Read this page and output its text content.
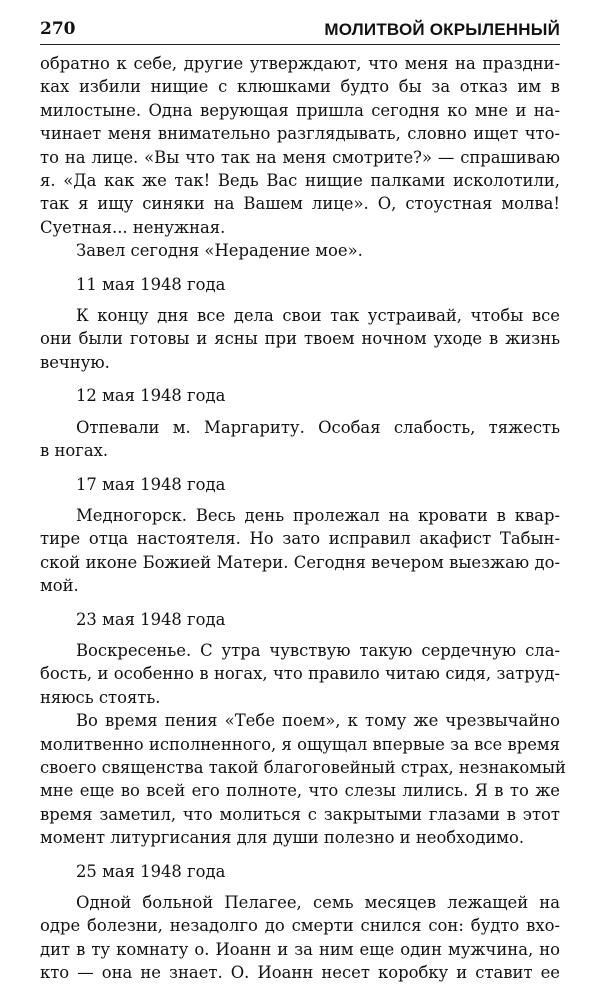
270	МОЛИТВОЙ ОКРЫЛЕННЫЙ
обратно к себе, другие утверждают, что меня на праздни-
ках избили нищие с клюшками будто бы за отказ им в
милостыне. Одна верующая пришла сегодня ко мне и на-
чинает меня внимательно разглядывать, словно ищет что-
то на лице. «Вы что так на меня смотрите?» — спрашиваю
я. «Да как же так! Ведь Вас нищие палками исколотили,
так я ищу синяки на Вашем лице». О, стоустная молва!
Суетная... ненужная.
Завел сегодня «Нерадение мое».
11 мая 1948 года
К концу дня все дела свои так устраивай, чтобы все
они были готовы и ясны при твоем ночном уходе в жизнь
вечную.
12 мая 1948 года
Отпевали м. Маргариту. Особая слабость, тяжесть
в ногах.
17 мая 1948 года
Медногорск. Весь день пролежал на кровати в квар-
тире отца настоятеля. Но зато исправил акафист Табын-
ской иконе Божией Матери. Сегодня вечером выезжаю до-
мой.
23 мая 1948 года
Воскресенье. С утра чувствую такую сердечную сла-
бость, и особенно в ногах, что правило читаю сидя, затруд-
няюсь стоять.
Во время пения «Тебе поем», к тому же чрезвычайно
молитвенно исполненного, я ощущал впервые за все время
своего священства такой благоговейный страх, незнакомый
мне еще во всей его полноте, что слезы лились. Я в то же
время заметил, что молиться с закрытыми глазами в этот
момент литургисания для души полезно и необходимо.
25 мая 1948 года
Одной больной Пелагее, семь месяцев лежащей на
одре болезни, незадолго до смерти снился сон: будто вхо-
дит в ту комнату о. Иоанн и за ним еще один мужчина, но
кто — она не знает. О. Иоанн несет коробку и ставит ее
